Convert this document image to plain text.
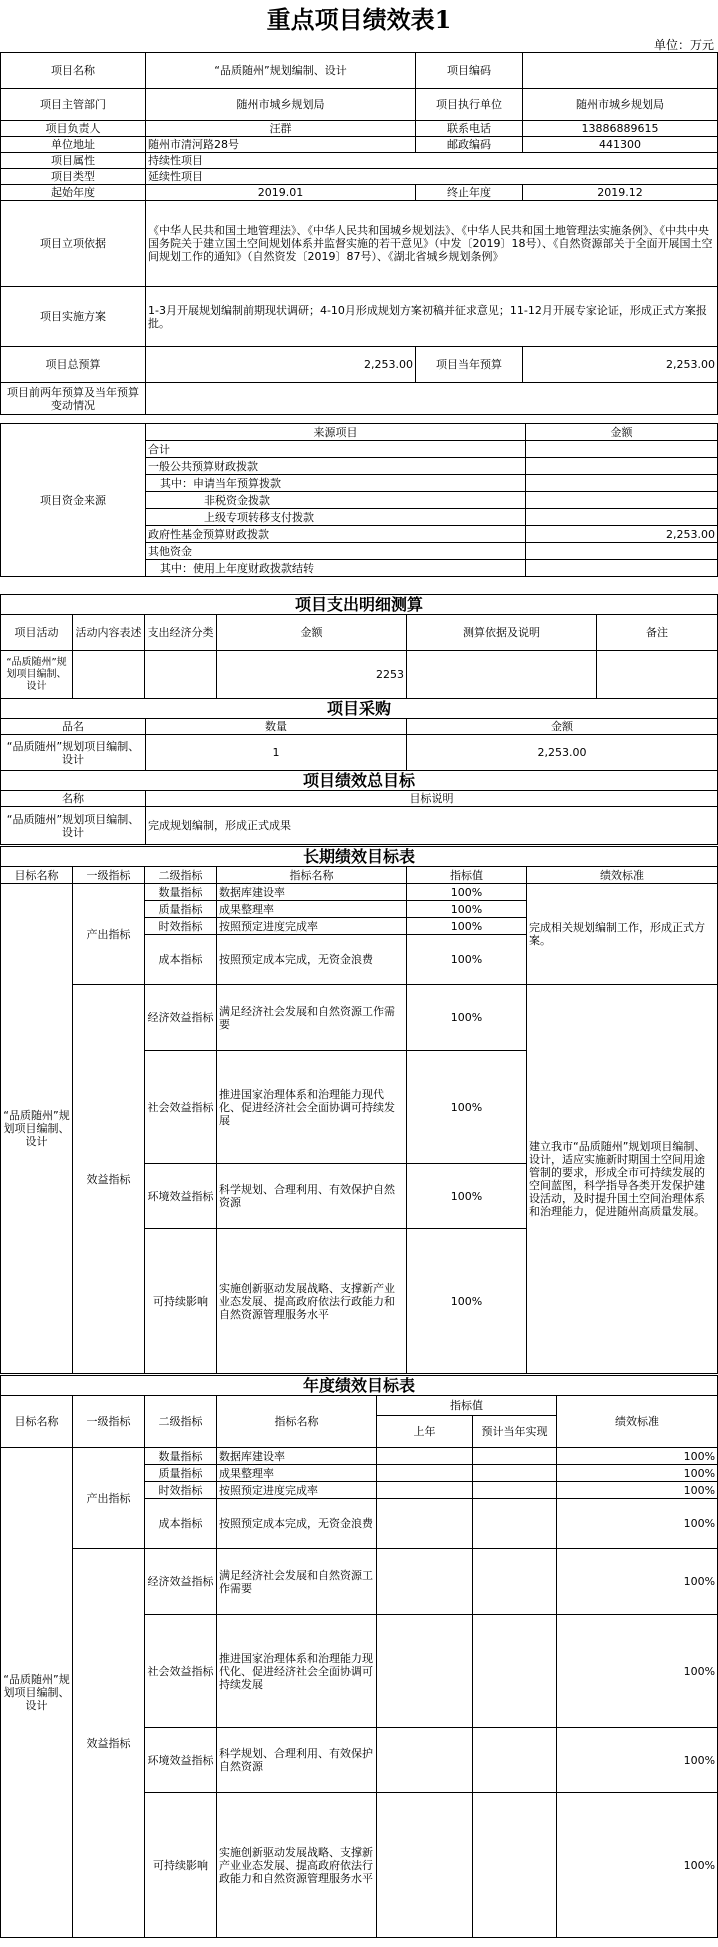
重点项目绩效表1
单位：万元
项目名称	“品质随州”规划编制、设计	项目编码	
项目主管部门	随州市城乡规划局	项目执行单位	随州市城乡规划局
项目负责人	汪群	联系电话	13886889615
单位地址	随州市清河路28号	邮政编码	441300
项目属性	持续性项目		
项目类型	延续性项目		
起始年度	2019.01	终止年度	2019.12
项目立项依据	《中华人民共和国土地管理法》、《中华人民共和国城乡规划法》、《中华人民共和国土地管理法实施条例》、《中共中央国务院关于建立国土空间规划体系并监督实施的若干意见》（中发〔2019〕18号）、《自然资源部关于全面开展国土空间规划工作的通知》（自然资发〔2019〕87号）、《湖北省城乡规划条例》		
项目实施方案	1-3月开展规划编制前期现状调研；4-10月形成规划方案初稿并征求意见；11-12月开展专家论证，形成正式方案报批。		
项目总预算	2,253.00	项目当年预算	2,253.00
项目前两年预算及当年预算变动情况			
项目资金来源	来源项目	金额
	合计	
	一般公共预算财政拨款	
	其中：申请当年预算拨款	
	非税资金拨款	
	上级专项转移支付拨款	
	政府性基金预算财政拨款	2,253.00
	其他资金	
	其中：使用上年度财政拨款结转	
项目支出明细测算					
项目活动	活动内容表述	支出经济分类	金额	测算依据及说明	备注
“品质随州”规划项目编制、设计			2253		
项目采购		
品名	数量	金额
“品质随州”规划项目编制、设计	1	2,253.00
项目绩效总目标	
名称	目标说明
“品质随州”规划项目编制、设计	完成规划编制，形成正式成果
长期绩效目标表					
目标名称	一级指标	二级指标	指标名称	指标值	绩效标准
“品质随州”规划项目编制、设计	产出指标	数量指标	数据库建设率	100%	完成相关规划编制工作，形成正式方案。
		质量指标	成果整理率	100%	
		时效指标	按照预定进度完成率	100%	
		成本指标	按照预定成本完成，无资金浪费	100%	
	效益指标	经济效益指标	满足经济社会发展和自然资源工作需要	100%	建立我市“品质随州”规划项目编制、设计，适应实施新时期国土空间用途管制的要求，形成全市可持续发展的空间蓝图，科学指导各类开发保护建设活动，及时提升国土空间治理体系和治理能力，促进随州高质量发展。
		社会效益指标	推进国家治理体系和治理能力现代化、促进经济社会全面协调可持续发展	100%	
		环境效益指标	科学规划、合理利用、有效保护自然资源	100%	
		可持续影响	实施创新驱动发展战略、支撑新产业业态发展、提高政府依法行政能力和自然资源管理服务水平	100%	
年度绩效目标表						
目标名称	一级指标	二级指标	指标名称	指标值		绩效标准
				上年	预计当年实现	
“品质随州”规划项目编制、设计	产出指标	数量指标	数据库建设率			100%
		质量指标	成果整理率			100%
		时效指标	按照预定进度完成率			100%
		成本指标	按照预定成本完成，无资金浪费			100%
	效益指标	经济效益指标	满足经济社会发展和自然资源工作需要			100%
		社会效益指标	推进国家治理体系和治理能力现代化、促进经济社会全面协调可持续发展			100%
		环境效益指标	科学规划、合理利用、有效保护自然资源			100%
		可持续影响	实施创新驱动发展战略、支撑新产业业态发展、提高政府依法行政能力和自然资源管理服务水平			100%
